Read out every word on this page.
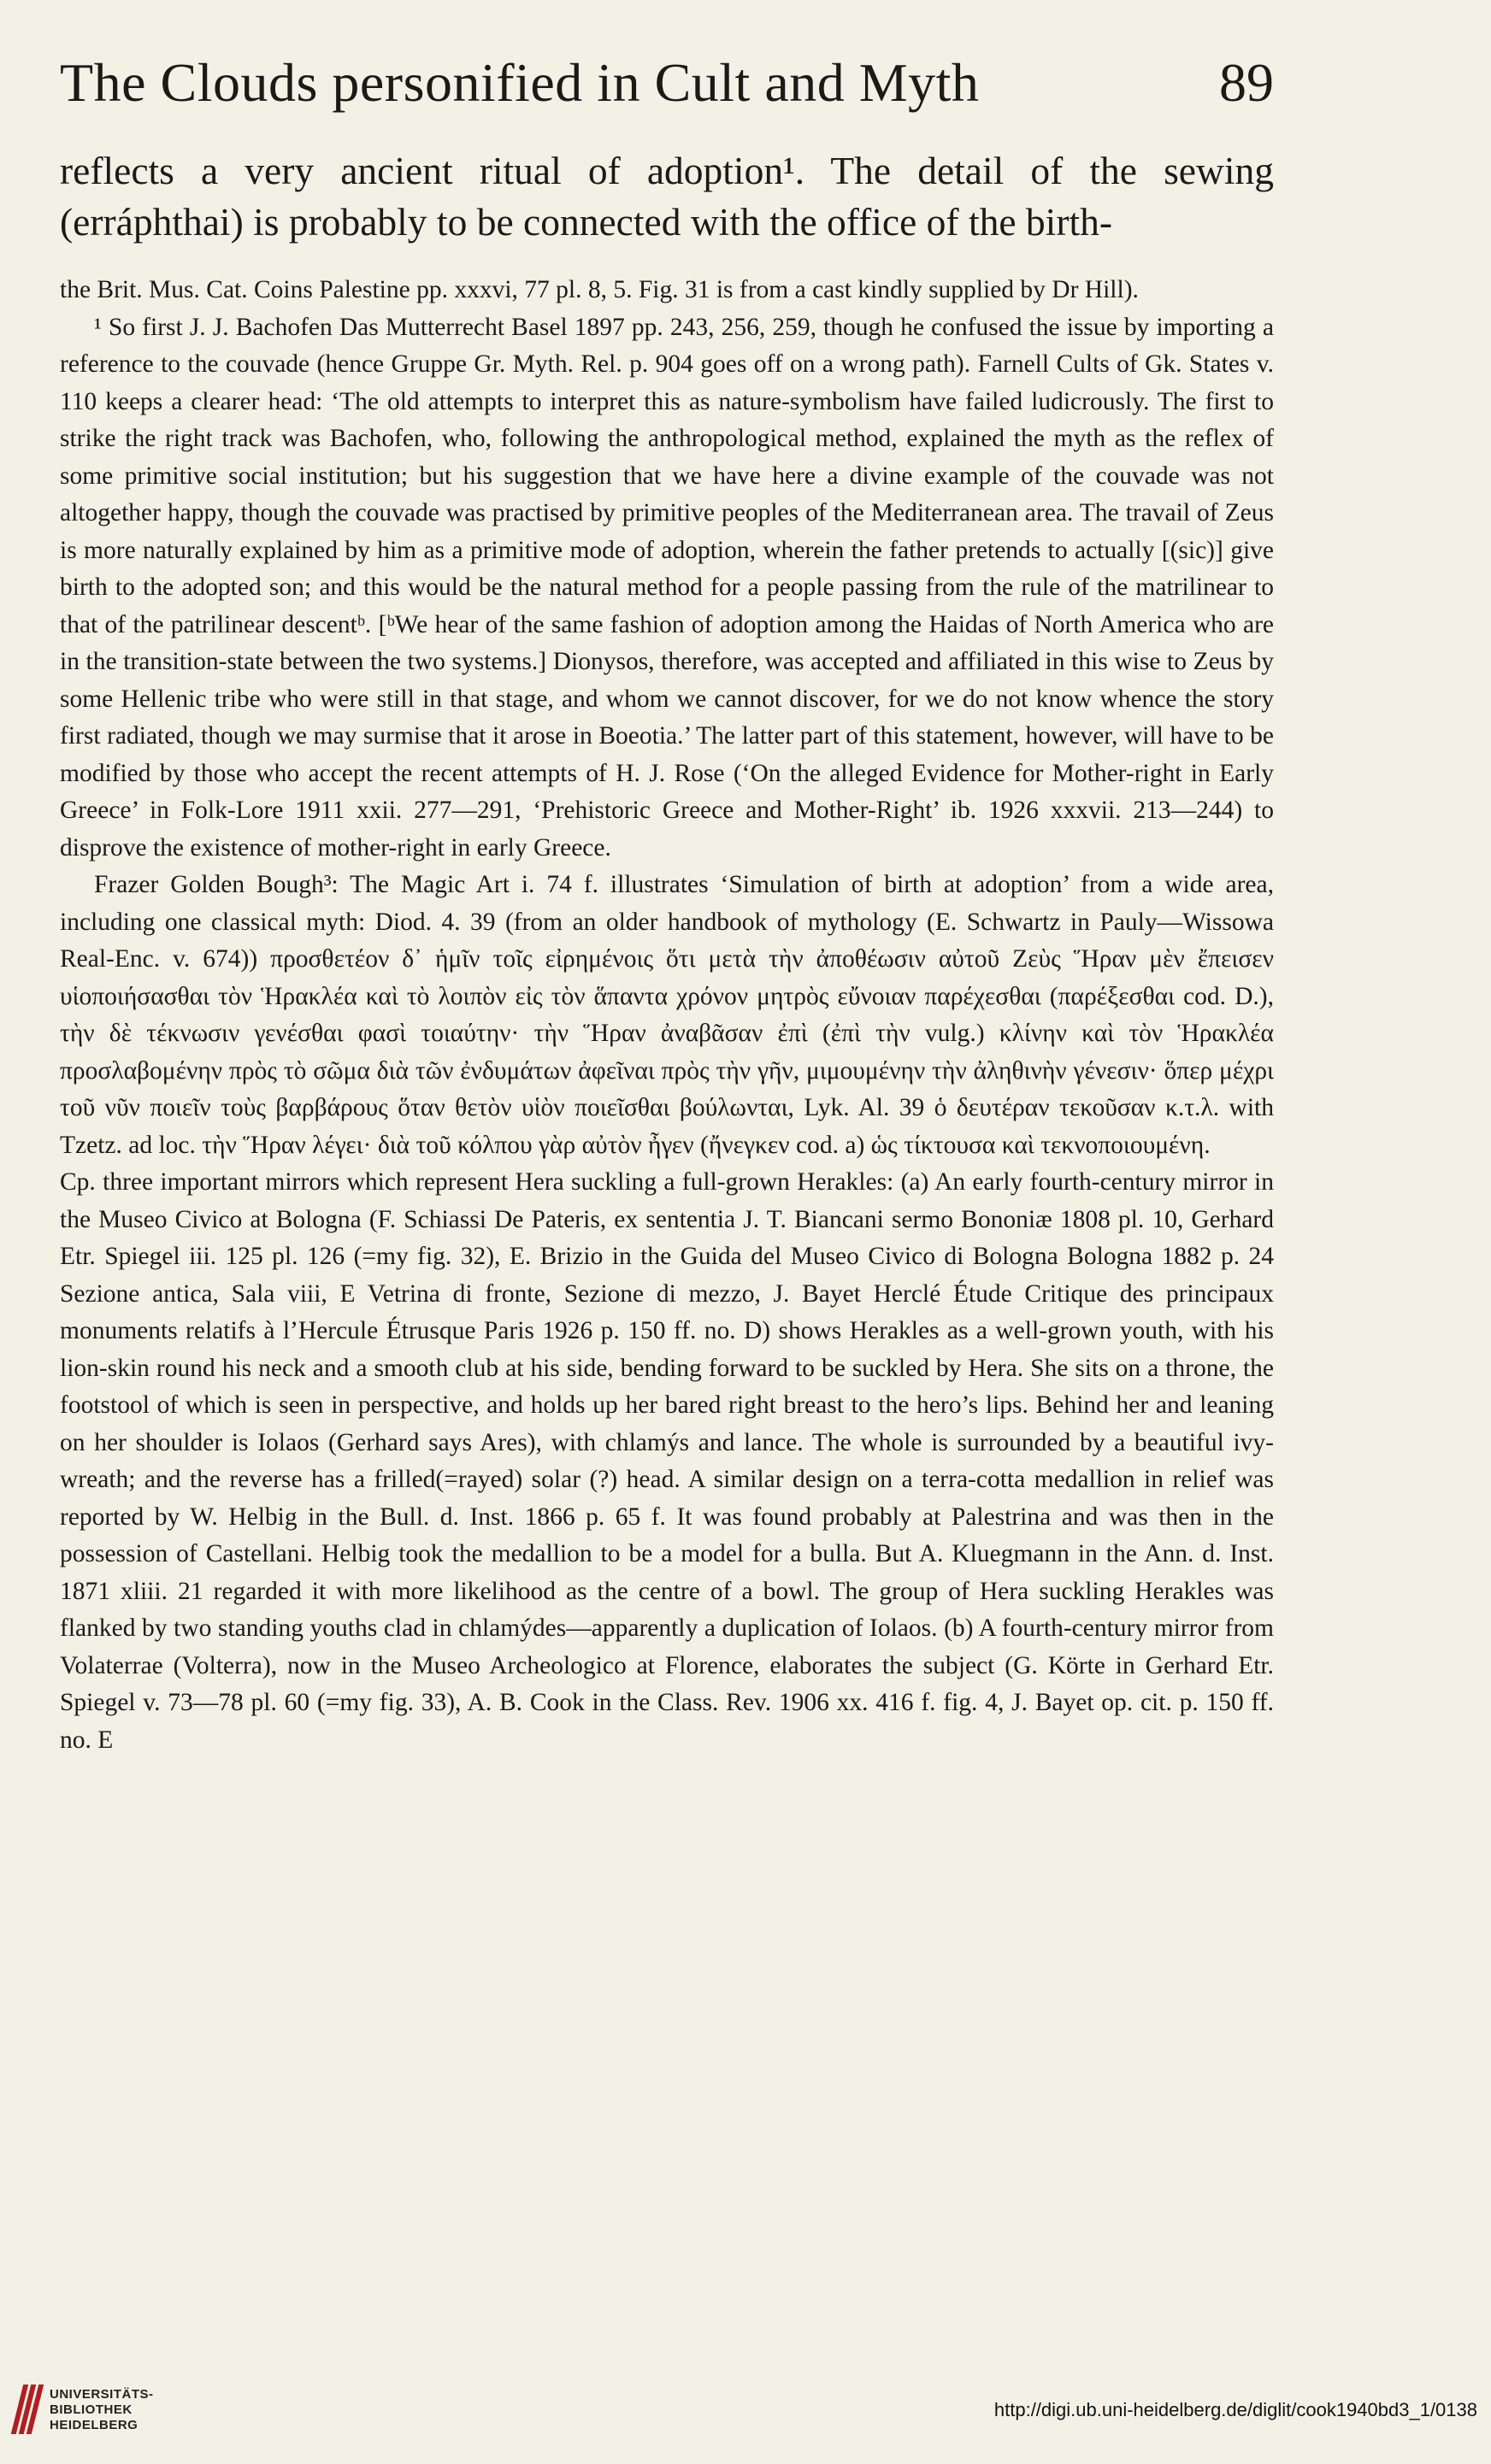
The Clouds personified in Cult and Myth	89

reflects a very ancient ritual of adoption¹. The detail of the sewing (erráphthai) is probably to be connected with the office of the birth-

the Brit. Mus. Cat. Coins Palestine pp. xxxvi, 77 pl. 8, 5. Fig. 31 is from a cast kindly supplied by Dr Hill).

¹ So first J. J. Bachofen Das Mutterrecht Basel 1897 pp. 243, 256, 259, though he confused the issue by importing a reference to the couvade (hence Gruppe Gr. Myth. Rel. p. 904 goes off on a wrong path). Farnell Cults of Gk. States v. 110 keeps a clearer head: ‘The old attempts to interpret this as nature-symbolism have failed ludicrously. The first to strike the right track was Bachofen, who, following the anthropological method, explained the myth as the reflex of some primitive social institution; but his suggestion that we have here a divine example of the couvade was not altogether happy, though the couvade was practised by primitive peoples of the Mediterranean area. The travail of Zeus is more naturally explained by him as a primitive mode of adoption, wherein the father pretends to actually [(sic)] give birth to the adopted son; and this would be the natural method for a people passing from the rule of the matrilinear to that of the patrilinear descentᵇ. [ᵇWe hear of the same fashion of adoption among the Haidas of North America who are in the transition-state between the two systems.] Dionysos, therefore, was accepted and affiliated in this wise to Zeus by some Hellenic tribe who were still in that stage, and whom we cannot discover, for we do not know whence the story first radiated, though we may surmise that it arose in Boeotia.’ The latter part of this statement, however, will have to be modified by those who accept the recent attempts of H. J. Rose (‘On the alleged Evidence for Mother-right in Early Greece’ in Folk-Lore 1911 xxii. 277—291, ‘Prehistoric Greece and Mother-Right’ ib. 1926 xxxvii. 213—244) to disprove the existence of mother-right in early Greece.

Frazer Golden Bough³: The Magic Art i. 74 f. illustrates ‘Simulation of birth at adoption’ from a wide area, including one classical myth: Diod. 4. 39 (from an older handbook of mythology (E. Schwartz in Pauly—Wissowa Real-Enc. v. 674)) προσθετέον δ᾽ ἡμῖν τοῖς εἰρημένοις ὅτι μετὰ τὴν ἀποθέωσιν αὐτοῦ Ζεὺς Ἥραν μὲν ἔπεισεν υἱοποιήσασθαι τὸν Ἡρακλέα καὶ τὸ λοιπὸν εἰς τὸν ἅπαντα χρόνον μητρὸς εὔνοιαν παρέχεσθαι (παρέξεσθαι cod. D.), τὴν δὲ τέκνωσιν γενέσθαι φασὶ τοιαύτην· τὴν Ἥραν ἀναβᾶσαν ἐπὶ (ἐπὶ τὴν vulg.) κλίνην καὶ τὸν Ἡρακλέα προσλαβομένην πρὸς τὸ σῶμα διὰ τῶν ἐνδυμάτων ἀφεῖναι πρὸς τὴν γῆν, μιμουμένην τὴν ἀληθινὴν γένεσιν· ὅπερ μέχρι τοῦ νῦν ποιεῖν τοὺς βαρβάρους ὅταν θετὸν υἱὸν ποιεῖσθαι βούλωνται, Lyk. Al. 39 ὁ δευτέραν τεκοῦσαν κ.τ.λ. with Tzetz. ad loc. τὴν Ἥραν λέγει· διὰ τοῦ κόλπου γὰρ αὐτὸν ἦγεν (ἤνεγκεν cod. a) ὡς τίκτουσα καὶ τεκνοποιουμένη.

Cp. three important mirrors which represent Hera suckling a full-grown Herakles: (a) An early fourth-century mirror in the Museo Civico at Bologna (F. Schiassi De Pateris, ex sententia J. T. Biancani sermo Bononiæ 1808 pl. 10, Gerhard Etr. Spiegel iii. 125 pl. 126 (=my fig. 32), E. Brizio in the Guida del Museo Civico di Bologna Bologna 1882 p. 24 Sezione antica, Sala viii, E Vetrina di fronte, Sezione di mezzo, J. Bayet Herclé Étude Critique des principaux monuments relatifs à l’Hercule Étrusque Paris 1926 p. 150 ff. no. D) shows Herakles as a well-grown youth, with his lion-skin round his neck and a smooth club at his side, bending forward to be suckled by Hera. She sits on a throne, the footstool of which is seen in perspective, and holds up her bared right breast to the hero’s lips. Behind her and leaning on her shoulder is Iolaos (Gerhard says Ares), with chlamýs and lance. The whole is surrounded by a beautiful ivy-wreath; and the reverse has a frilled(=rayed) solar (?) head. A similar design on a terra-cotta medallion in relief was reported by W. Helbig in the Bull. d. Inst. 1866 p. 65 f. It was found probably at Palestrina and was then in the possession of Castellani. Helbig took the medallion to be a model for a bulla. But A. Kluegmann in the Ann. d. Inst. 1871 xliii. 21 regarded it with more likelihood as the centre of a bowl. The group of Hera suckling Herakles was flanked by two standing youths clad in chlamýdes—apparently a duplication of Iolaos. (b) A fourth-century mirror from Volaterrae (Volterra), now in the Museo Archeologico at Florence, elaborates the subject (G. Körte in Gerhard Etr. Spiegel v. 73—78 pl. 60 (=my fig. 33), A. B. Cook in the Class. Rev. 1906 xx. 416 f. fig. 4, J. Bayet op. cit. p. 150 ff. no. E

UNIVERSITÄTS-
BIBLIOTHEK
HEIDELBERG
http://digi.ub.uni-heidelberg.de/diglit/cook1940bd3_1/0138
